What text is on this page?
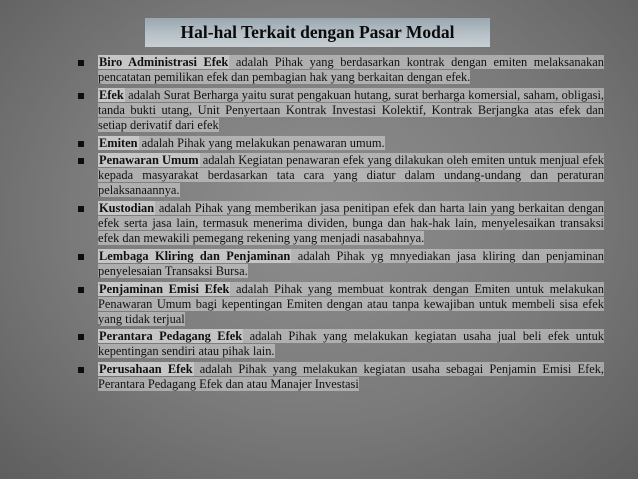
Hal-hal Terkait dengan Pasar Modal

Biro Administrasi Efek adalah Pihak yang berdasarkan kontrak dengan emiten melaksanakan pencatatan pemilikan efek dan pembagian hak yang berkaitan dengan efek.

Efek adalah Surat Berharga yaitu surat pengakuan hutang, surat berharga komersial, saham, obligasi, tanda bukti utang, Unit Penyertaan Kontrak Investasi Kolektif, Kontrak Berjangka atas efek dan setiap derivatif dari efek

Emiten adalah Pihak yang melakukan penawaran umum.

Penawaran Umum adalah Kegiatan penawaran efek yang dilakukan oleh emiten untuk menjual efek kepada masyarakat berdasarkan tata cara yang diatur dalam undang-undang dan peraturan pelaksanaannya.

Kustodian adalah Pihak yang memberikan jasa penitipan efek dan harta lain yang berkaitan dengan efek serta jasa lain, termasuk menerima dividen, bunga dan hak-hak lain, menyelesaikan transaksi efek dan mewakili pemegang rekening yang menjadi nasabahnya.

Lembaga Kliring dan Penjaminan adalah Pihak yg mnyediakan jasa kliring dan penjaminan penyelesaian Transaksi Bursa.

Penjaminan Emisi Efek adalah Pihak yang membuat kontrak dengan Emiten untuk melakukan Penawaran Umum bagi kepentingan Emiten dengan atau tanpa kewajiban untuk membeli sisa efek yang tidak terjual

Perantara Pedagang Efek adalah Pihak yang melakukan kegiatan usaha jual beli efek untuk kepentingan sendiri atau pihak lain.

Perusahaan Efek adalah Pihak yang melakukan kegiatan usaha sebagai Penjamin Emisi Efek, Perantara Pedagang Efek dan atau Manajer Investasi
